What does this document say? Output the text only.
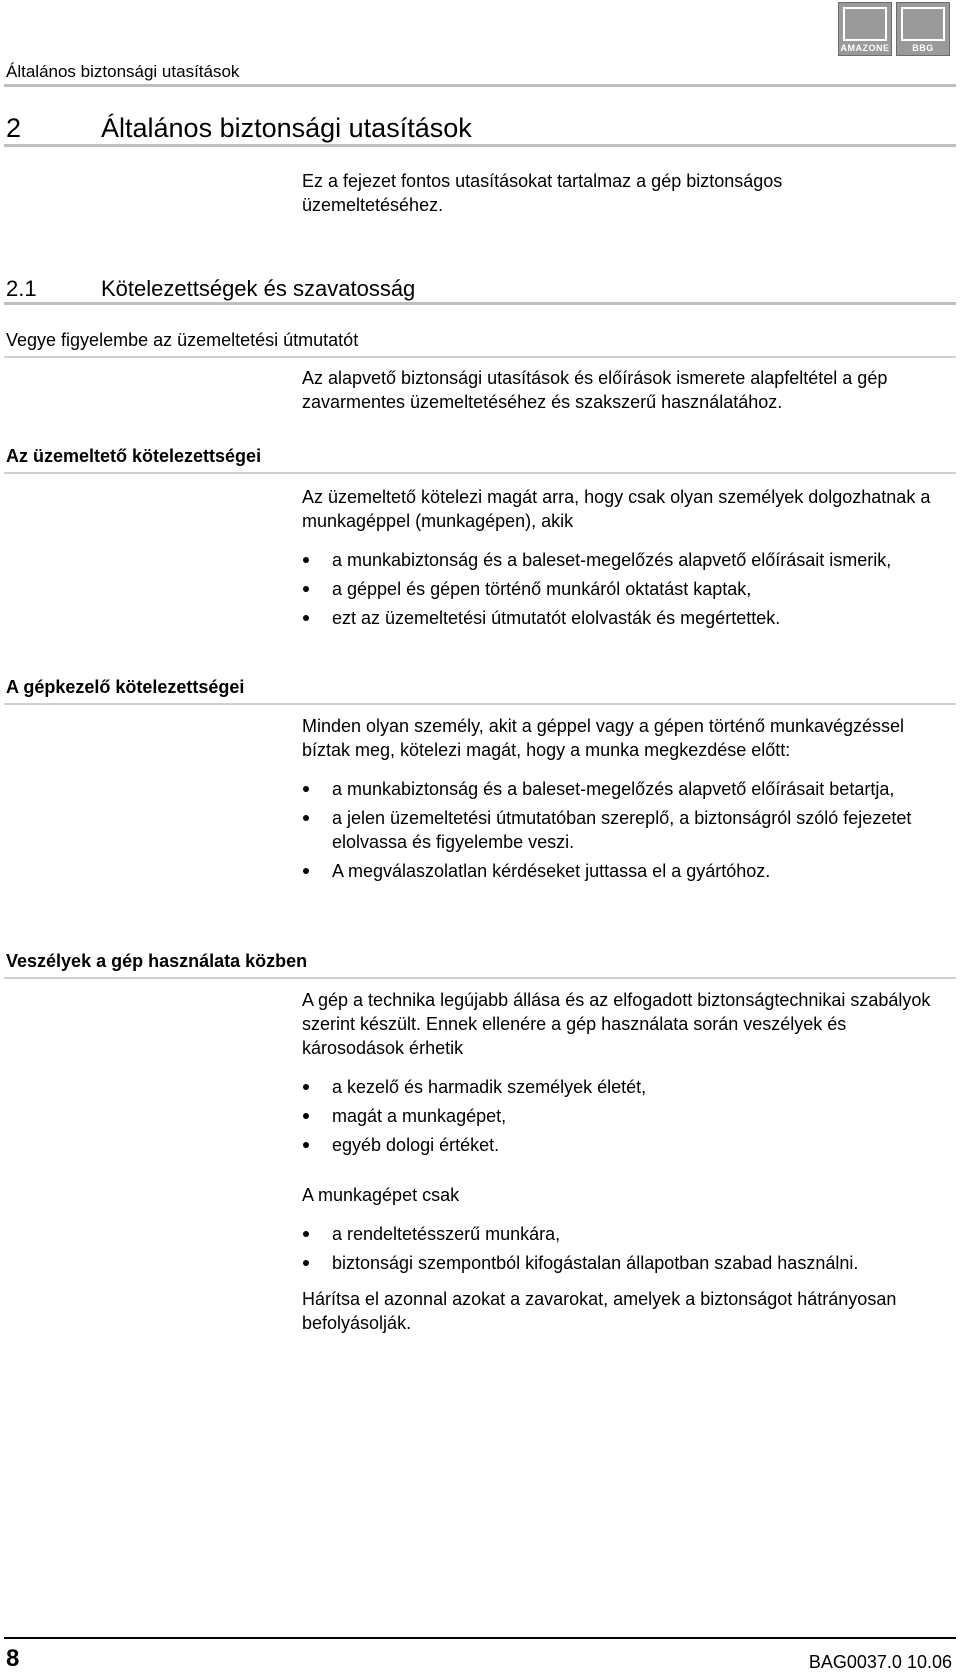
Általános biztonsági utasítások
AMAZONE	BBG
2	Általános biztonsági utasítások
Ez a fejezet fontos utasításokat tartalmaz a gép biztonságos üzemeltetéséhez.
2.1	Kötelezettségek és szavatosság
Vegye figyelembe az üzemeltetési útmutatót
Az alapvető biztonsági utasítások és előírások ismerete alapfeltétel a gép zavarmentes üzemeltetéséhez és szakszerű használatához.
Az üzemeltető kötelezettségei
Az üzemeltető kötelezi magát arra, hogy csak olyan személyek dolgozhatnak a munkagéppel (munkagépen), akik
a munkabiztonság és a baleset-megelőzés alapvető előírásait ismerik,
a géppel és gépen történő munkáról oktatást kaptak,
ezt az üzemeltetési útmutatót elolvasták és megértettek.
A gépkezelő kötelezettségei
Minden olyan személy, akit a géppel vagy a gépen történő munkavégzéssel bíztak meg, kötelezi magát, hogy a munka megkezdése előtt:
a munkabiztonság és a baleset-megelőzés alapvető előírásait betartja,
a jelen üzemeltetési útmutatóban szereplő, a biztonságról szóló fejezetet elolvassa és figyelembe veszi.
A megválaszolatlan kérdéseket juttassa el a gyártóhoz.
Veszélyek a gép használata közben
A gép a technika legújabb állása és az elfogadott biztonságtechnikai szabályok szerint készült. Ennek ellenére a gép használata során veszélyek és károsodások érhetik
a kezelő és harmadik személyek életét,
magát a munkagépet,
egyéb dologi értéket.
A munkagépet csak
a rendeltetésszerű munkára,
biztonsági szempontból kifogástalan állapotban szabad használni.
Hárítsa el azonnal azokat a zavarokat, amelyek a biztonságot hátrányosan befolyásolják.
8	BAG0037.0 10.06
